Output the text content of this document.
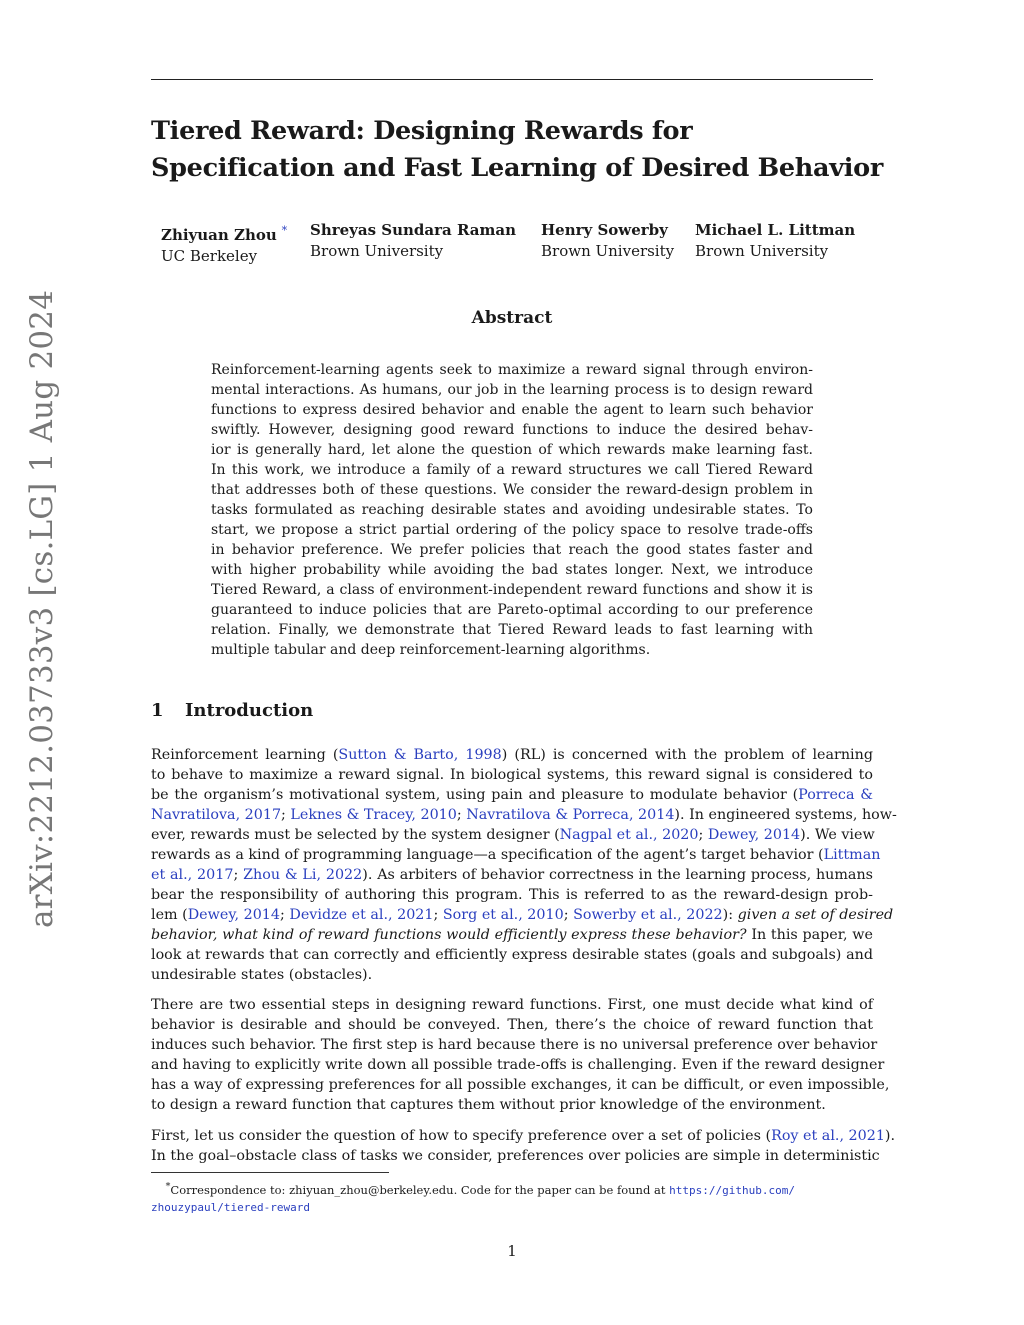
arXiv:2212.03733v3 [cs.LG] 1 Aug 2024
Tiered Reward: Designing Rewards for
Specification and Fast Learning of Desired Behavior
Zhiyuan Zhou *
UC Berkeley
Shreyas Sundara Raman
Brown University
Henry Sowerby
Brown University
Michael L. Littman
Brown University
Abstract
Reinforcement-learning agents seek to maximize a reward signal through environ-
mental interactions. As humans, our job in the learning process is to design reward
functions to express desired behavior and enable the agent to learn such behavior
swiftly. However, designing good reward functions to induce the desired behav-
ior is generally hard, let alone the question of which rewards make learning fast.
In this work, we introduce a family of a reward structures we call Tiered Reward
that addresses both of these questions. We consider the reward-design problem in
tasks formulated as reaching desirable states and avoiding undesirable states. To
start, we propose a strict partial ordering of the policy space to resolve trade-offs
in behavior preference. We prefer policies that reach the good states faster and
with higher probability while avoiding the bad states longer. Next, we introduce
Tiered Reward, a class of environment-independent reward functions and show it is
guaranteed to induce policies that are Pareto-optimal according to our preference
relation. Finally, we demonstrate that Tiered Reward leads to fast learning with
multiple tabular and deep reinforcement-learning algorithms.
1 Introduction
Reinforcement learning (Sutton & Barto, 1998) (RL) is concerned with the problem of learning
to behave to maximize a reward signal. In biological systems, this reward signal is considered to
be the organism’s motivational system, using pain and pleasure to modulate behavior (Porreca &
Navratilova, 2017; Leknes & Tracey, 2010; Navratilova & Porreca, 2014). In engineered systems, how-
ever, rewards must be selected by the system designer (Nagpal et al., 2020; Dewey, 2014). We view
rewards as a kind of programming language—a specification of the agent’s target behavior (Littman
et al., 2017; Zhou & Li, 2022). As arbiters of behavior correctness in the learning process, humans
bear the responsibility of authoring this program. This is referred to as the reward-design prob-
lem (Dewey, 2014; Devidze et al., 2021; Sorg et al., 2010; Sowerby et al., 2022): given a set of desired
behavior, what kind of reward functions would efficiently express these behavior? In this paper, we
look at rewards that can correctly and efficiently express desirable states (goals and subgoals) and
undesirable states (obstacles).
There are two essential steps in designing reward functions. First, one must decide what kind of
behavior is desirable and should be conveyed. Then, there’s the choice of reward function that
induces such behavior. The first step is hard because there is no universal preference over behavior
and having to explicitly write down all possible trade-offs is challenging. Even if the reward designer
has a way of expressing preferences for all possible exchanges, it can be difficult, or even impossible,
to design a reward function that captures them without prior knowledge of the environment.
First, let us consider the question of how to specify preference over a set of policies (Roy et al., 2021).
In the goal–obstacle class of tasks we consider, preferences over policies are simple in deterministic
*Correspondence to: zhiyuan_zhou@berkeley.edu. Code for the paper can be found at https://github.com/
zhouzypaul/tiered-reward
1
